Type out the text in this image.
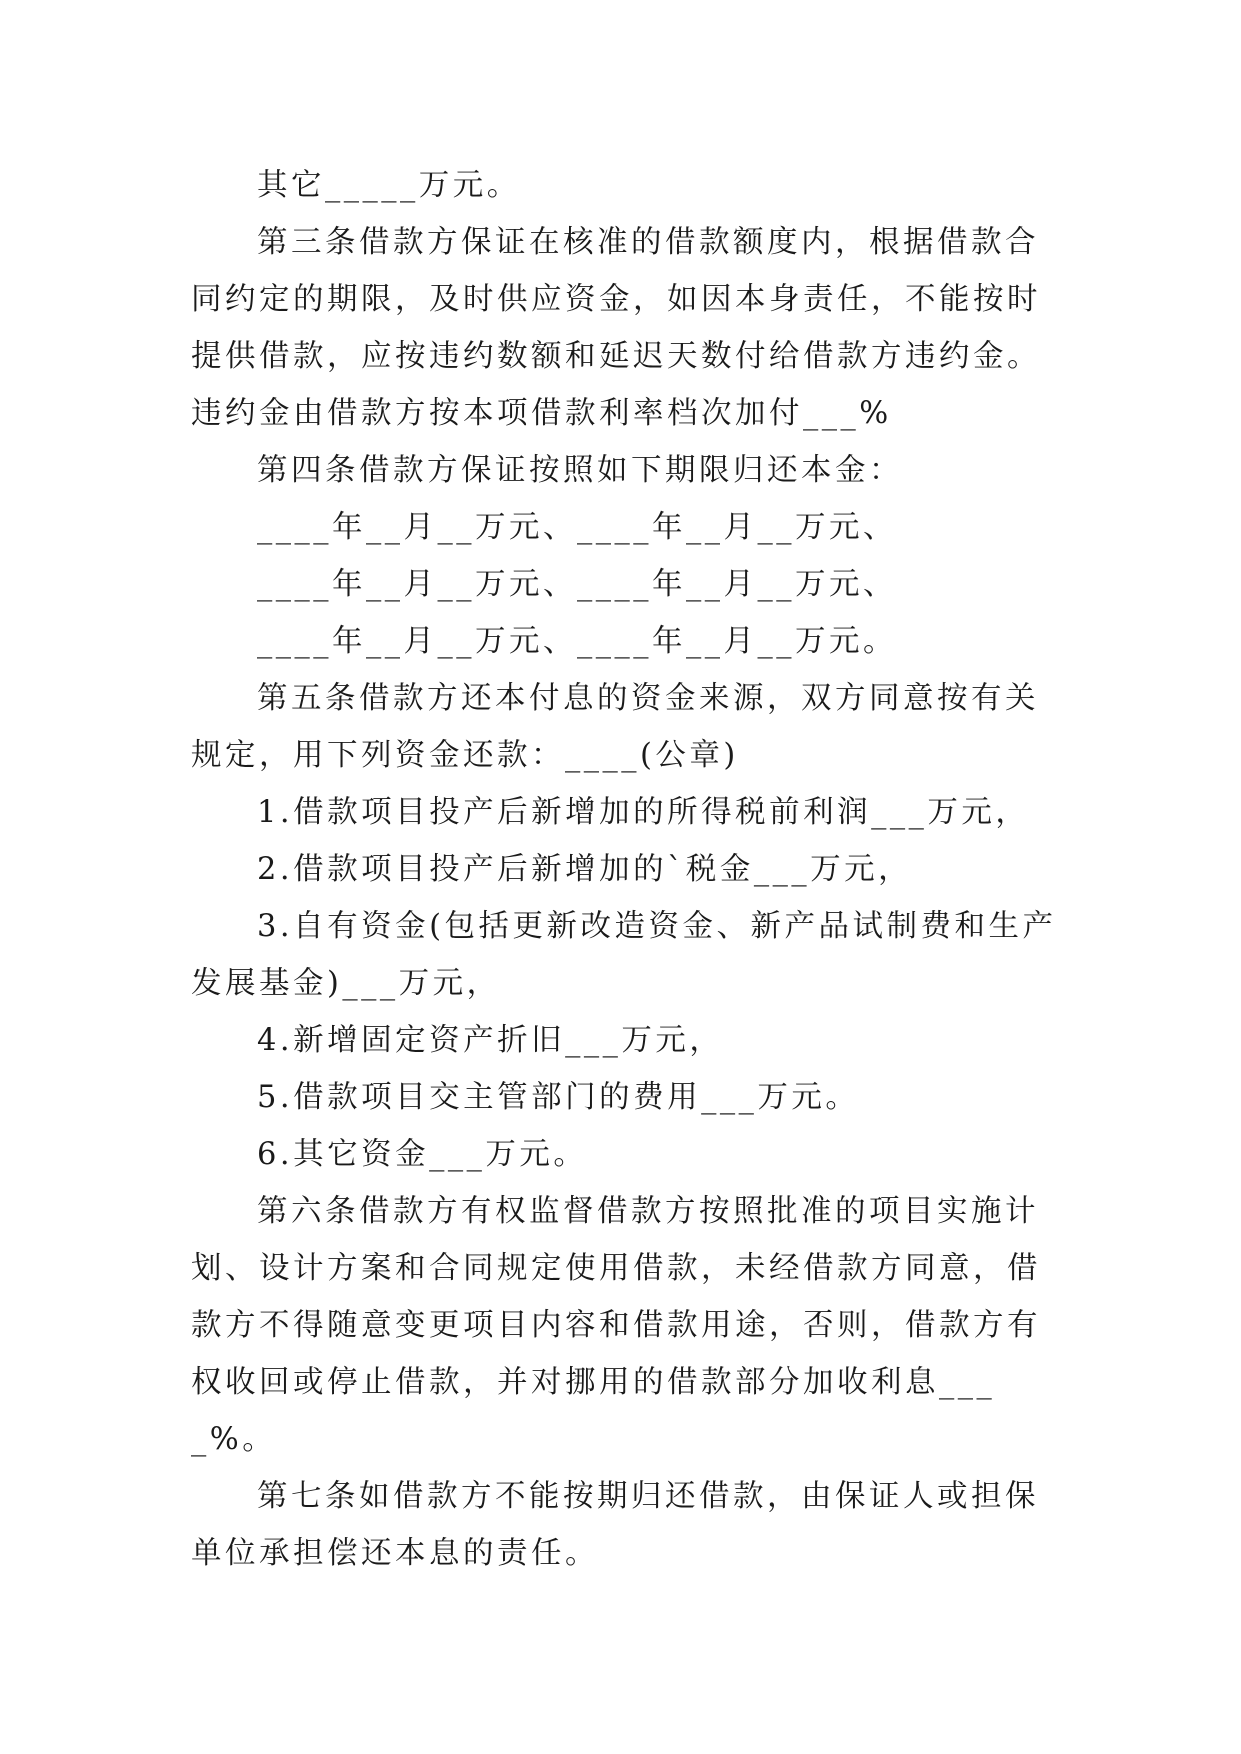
其它_____万元。

第三条借款方保证在核准的借款额度内，根据借款合同约定的期限，及时供应资金，如因本身责任，不能按时提供借款，应按违约数额和延迟天数付给借款方违约金。违约金由借款方按本项借款利率档次加付___%

第四条借款方保证按照如下期限归还本金：

____年__月__万元、____年__月__万元、

____年__月__万元、____年__月__万元、

____年__月__万元、____年__月__万元。

第五条借款方还本付息的资金来源，双方同意按有关规定，用下列资金还款：____(公章)

1.借款项目投产后新增加的所得税前利润___万元，

2.借款项目投产后新增加的`税金___万元，

3.自有资金(包括更新改造资金、新产品试制费和生产发展基金)___万元，

4.新增固定资产折旧___万元，

5.借款项目交主管部门的费用___万元。

6.其它资金___万元。

第六条借款方有权监督借款方按照批准的项目实施计划、设计方案和合同规定使用借款，未经借款方同意，借款方不得随意变更项目内容和借款用途，否则，借款方有权收回或停止借款，并对挪用的借款部分加收利息____%。

第七条如借款方不能按期归还借款，由保证人或担保单位承担偿还本息的责任。
